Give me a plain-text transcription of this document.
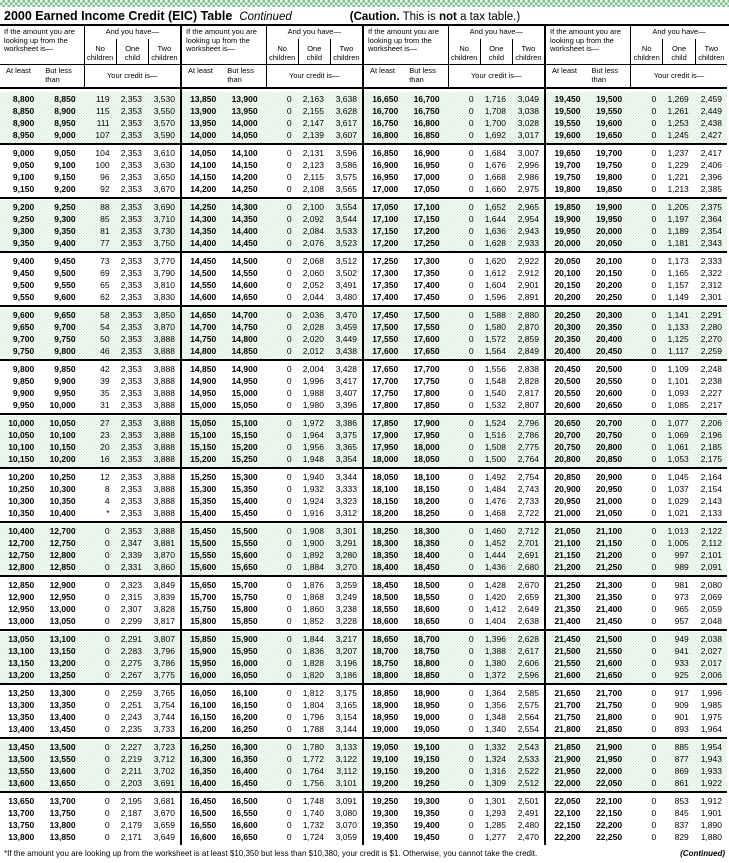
2000 Earned Income Credit (EIC) Table Continued	(Caution. This is not a tax table.)
If the amount you are looking up from the worksheet is—
And you have—
No children
One child
Two children
At least	But less than	Your credit is—
8,800	8,850	119	2,353	3,530
8,850	8,900	115	2,353	3,550
8,900	8,950	111	2,353	3,570
8,950	9,000	107	2,353	3,590
9,000	9,050	104	2,353	3,610
9,050	9,100	100	2,353	3,630
9,100	9,150	96	2,353	3,650
9,150	9,200	92	2,353	3,670
9,200	9,250	88	2,353	3,690
9,250	9,300	85	2,353	3,710
9,300	9,350	81	2,353	3,730
9,350	9,400	77	2,353	3,750
9,400	9,450	73	2,353	3,770
9,450	9,500	69	2,353	3,790
9,500	9,550	65	2,353	3,810
9,550	9,600	62	2,353	3,830
9,600	9,650	58	2,353	3,850
9,650	9,700	54	2,353	3,870
9,700	9,750	50	2,353	3,888
9,750	9,800	46	2,353	3,888
9,800	9,850	42	2,353	3,888
9,850	9,900	39	2,353	3,888
9,900	9,950	35	2,353	3,888
9,950	10,000	31	2,353	3,888
10,000	10,050	27	2,353	3,888
10,050	10,100	23	2,353	3,888
10,100	10,150	20	2,353	3,888
10,150	10,200	16	2,353	3,888
10,200	10,250	12	2,353	3,888
10,250	10,300	8	2,353	3,888
10,300	10,350	4	2,353	3,888
10,350	10,400	*	2,353	3,888
10,400	12,700	0	2,353	3,888
12,700	12,750	0	2,347	3,881
12,750	12,800	0	2,339	3,870
12,800	12,850	0	2,331	3,860
12,850	12,900	0	2,323	3,849
12,900	12,950	0	2,315	3,839
12,950	13,000	0	2,307	3,828
13,000	13,050	0	2,299	3,817
13,050	13,100	0	2,291	3,807
13,100	13,150	0	2,283	3,796
13,150	13,200	0	2,275	3,786
13,200	13,250	0	2,267	3,775
13,250	13,300	0	2,259	3,765
13,300	13,350	0	2,251	3,754
13,350	13,400	0	2,243	3,744
13,400	13,450	0	2,235	3,733
13,450	13,500	0	2,227	3,723
13,500	13,550	0	2,219	3,712
13,550	13,600	0	2,211	3,702
13,600	13,650	0	2,203	3,691
13,650	13,700	0	2,195	3,681
13,700	13,750	0	2,187	3,670
13,750	13,800	0	2,179	3,659
13,800	13,850	0	2,171	3,649
If the amount you are looking up from the worksheet is—
And you have—
No children
One child
Two children
At least	But less than	Your credit is—
13,850	13,900	0	2,163	3,638
13,900	13,950	0	2,155	3,628
13,950	14,000	0	2,147	3,617
14,000	14,050	0	2,139	3,607
14,050	14,100	0	2,131	3,596
14,100	14,150	0	2,123	3,586
14,150	14,200	0	2,115	3,575
14,200	14,250	0	2,108	3,565
14,250	14,300	0	2,100	3,554
14,300	14,350	0	2,092	3,544
14,350	14,400	0	2,084	3,533
14,400	14,450	0	2,076	3,523
14,450	14,500	0	2,068	3,512
14,500	14,550	0	2,060	3,502
14,550	14,600	0	2,052	3,491
14,600	14,650	0	2,044	3,480
14,650	14,700	0	2,036	3,470
14,700	14,750	0	2,028	3,459
14,750	14,800	0	2,020	3,449
14,800	14,850	0	2,012	3,438
14,850	14,900	0	2,004	3,428
14,900	14,950	0	1,996	3,417
14,950	15,000	0	1,988	3,407
15,000	15,050	0	1,980	3,396
15,050	15,100	0	1,972	3,386
15,100	15,150	0	1,964	3,375
15,150	15,200	0	1,956	3,365
15,200	15,250	0	1,948	3,354
15,250	15,300	0	1,940	3,344
15,300	15,350	0	1,932	3,333
15,350	15,400	0	1,924	3,323
15,400	15,450	0	1,916	3,312
15,450	15,500	0	1,908	3,301
15,500	15,550	0	1,900	3,291
15,550	15,600	0	1,892	3,280
15,600	15,650	0	1,884	3,270
15,650	15,700	0	1,876	3,259
15,700	15,750	0	1,868	3,249
15,750	15,800	0	1,860	3,238
15,800	15,850	0	1,852	3,228
15,850	15,900	0	1,844	3,217
15,900	15,950	0	1,836	3,207
15,950	16,000	0	1,828	3,196
16,000	16,050	0	1,820	3,186
16,050	16,100	0	1,812	3,175
16,100	16,150	0	1,804	3,165
16,150	16,200	0	1,796	3,154
16,200	16,250	0	1,788	3,144
16,250	16,300	0	1,780	3,133
16,300	16,350	0	1,772	3,122
16,350	16,400	0	1,764	3,112
16,400	16,450	0	1,756	3,101
16,450	16,500	0	1,748	3,091
16,500	16,550	0	1,740	3,080
16,550	16,600	0	1,732	3,070
16,600	16,650	0	1,724	3,059
If the amount you are looking up from the worksheet is—
And you have—
No children
One child
Two children
At least	But less than	Your credit is—
16,650	16,700	0	1,716	3,049
16,700	16,750	0	1,708	3,038
16,750	16,800	0	1,700	3,028
16,800	16,850	0	1,692	3,017
16,850	16,900	0	1,684	3,007
16,900	16,950	0	1,676	2,996
16,950	17,000	0	1,668	2,986
17,000	17,050	0	1,660	2,975
17,050	17,100	0	1,652	2,965
17,100	17,150	0	1,644	2,954
17,150	17,200	0	1,636	2,943
17,200	17,250	0	1,628	2,933
17,250	17,300	0	1,620	2,922
17,300	17,350	0	1,612	2,912
17,350	17,400	0	1,604	2,901
17,400	17,450	0	1,596	2,891
17,450	17,500	0	1,588	2,880
17,500	17,550	0	1,580	2,870
17,550	17,600	0	1,572	2,859
17,600	17,650	0	1,564	2,849
17,650	17,700	0	1,556	2,838
17,700	17,750	0	1,548	2,828
17,750	17,800	0	1,540	2,817
17,800	17,850	0	1,532	2,807
17,850	17,900	0	1,524	2,796
17,900	17,950	0	1,516	2,786
17,950	18,000	0	1,508	2,775
18,000	18,050	0	1,500	2,764
18,050	18,100	0	1,492	2,754
18,100	18,150	0	1,484	2,743
18,150	18,200	0	1,476	2,733
18,200	18,250	0	1,468	2,722
18,250	18,300	0	1,460	2,712
18,300	18,350	0	1,452	2,701
18,350	18,400	0	1,444	2,691
18,400	18,450	0	1,436	2,680
18,450	18,500	0	1,428	2,670
18,500	18,550	0	1,420	2,659
18,550	18,600	0	1,412	2,649
18,600	18,650	0	1,404	2,638
18,650	18,700	0	1,396	2,628
18,700	18,750	0	1,388	2,617
18,750	18,800	0	1,380	2,606
18,800	18,850	0	1,372	2,596
18,850	18,900	0	1,364	2,585
18,900	18,950	0	1,356	2,575
18,950	19,000	0	1,348	2,564
19,000	19,050	0	1,340	2,554
19,050	19,100	0	1,332	2,543
19,100	19,150	0	1,324	2,533
19,150	19,200	0	1,316	2,522
19,200	19,250	0	1,309	2,512
19,250	19,300	0	1,301	2,501
19,300	19,350	0	1,293	2,491
19,350	19,400	0	1,285	2,480
19,400	19,450	0	1,277	2,470
If the amount you are looking up from the worksheet is—
And you have—
No children
One child
Two children
At least	But less than	Your credit is—
19,450	19,500	0	1,269	2,459
19,500	19,550	0	1,261	2,449
19,550	19,600	0	1,253	2,438
19,600	19,650	0	1,245	2,427
19,650	19,700	0	1,237	2,417
19,700	19,750	0	1,229	2,406
19,750	19,800	0	1,221	2,396
19,800	19,850	0	1,213	2,385
19,850	19,900	0	1,205	2,375
19,900	19,950	0	1,197	2,364
19,950	20,000	0	1,189	2,354
20,000	20,050	0	1,181	2,343
20,050	20,100	0	1,173	2,333
20,100	20,150	0	1,165	2,322
20,150	20,200	0	1,157	2,312
20,200	20,250	0	1,149	2,301
20,250	20,300	0	1,141	2,291
20,300	20,350	0	1,133	2,280
20,350	20,400	0	1,125	2,270
20,400	20,450	0	1,117	2,259
20,450	20,500	0	1,109	2,248
20,500	20,550	0	1,101	2,238
20,550	20,600	0	1,093	2,227
20,600	20,650	0	1,085	2,217
20,650	20,700	0	1,077	2,206
20,700	20,750	0	1,069	2,196
20,750	20,800	0	1,061	2,185
20,800	20,850	0	1,053	2,175
20,850	20,900	0	1,045	2,164
20,900	20,950	0	1,037	2,154
20,950	21,000	0	1,029	2,143
21,000	21,050	0	1,021	2,133
21,050	21,100	0	1,013	2,122
21,100	21,150	0	1,005	2,112
21,150	21,200	0	997	2,101
21,200	21,250	0	989	2,091
21,250	21,300	0	981	2,080
21,300	21,350	0	973	2,069
21,350	21,400	0	965	2,059
21,400	21,450	0	957	2,048
21,450	21,500	0	949	2,038
21,500	21,550	0	941	2,027
21,550	21,600	0	933	2,017
21,600	21,650	0	925	2,006
21,650	21,700	0	917	1,996
21,700	21,750	0	909	1,985
21,750	21,800	0	901	1,975
21,800	21,850	0	893	1,964
21,850	21,900	0	885	1,954
21,900	21,950	0	877	1,943
21,950	22,000	0	869	1,933
22,000	22,050	0	861	1,922
22,050	22,100	0	853	1,912
22,100	22,150	0	845	1,901
22,150	22,200	0	837	1,890
22,200	22,250	0	829	1,880
*If the amount you are looking up from the worksheet is at least $10,350 but less than $10,380, your credit is $1. Otherwise, you cannot take the credit.	(Continued)
